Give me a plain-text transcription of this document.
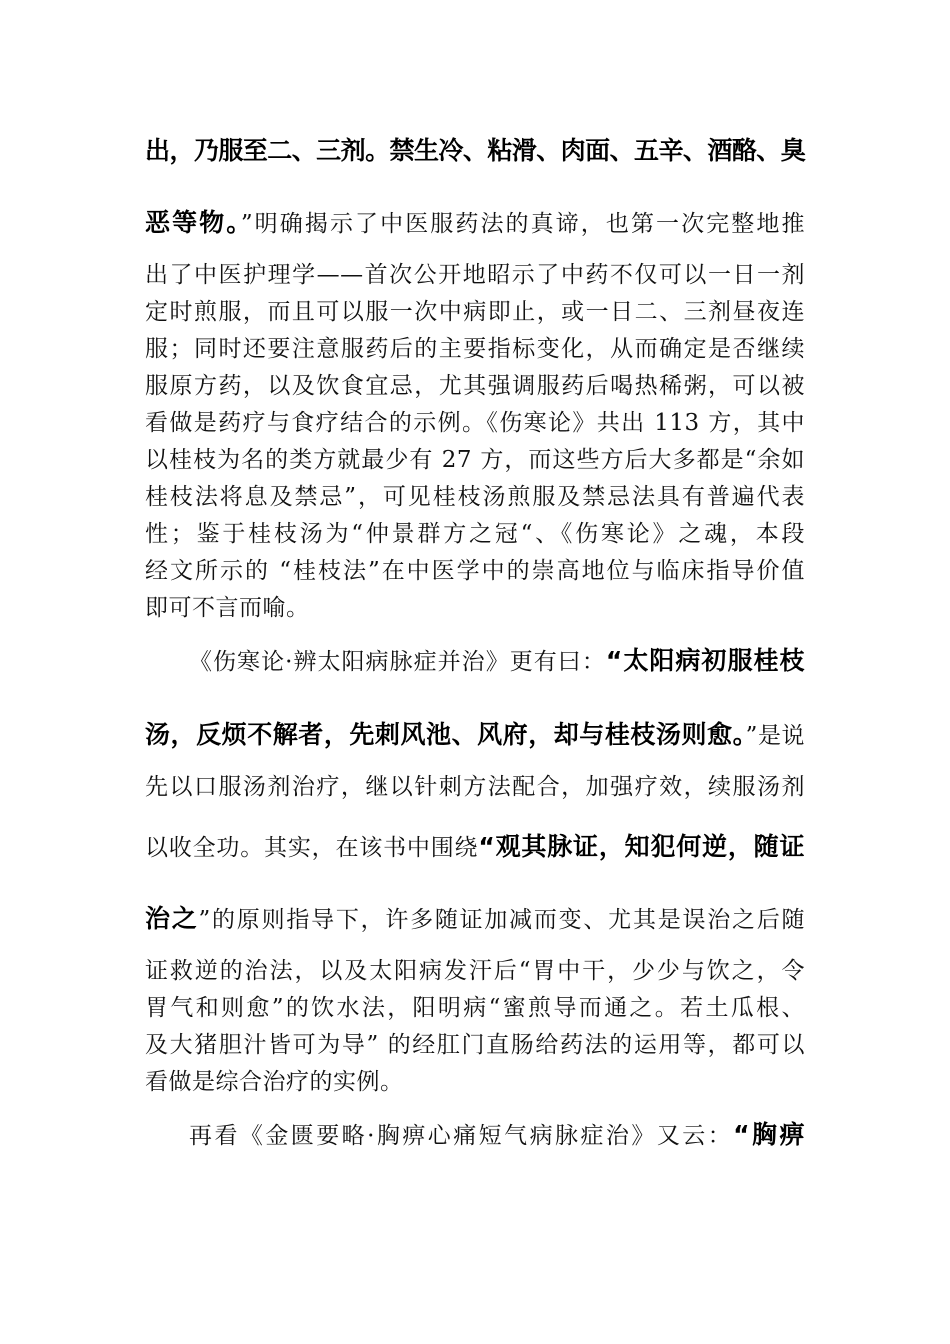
出，乃服至二、三剂。禁生冷、粘滑、肉面、五辛、酒酪、臭
恶等物。”明确揭示了中医服药法的真谛，也第一次完整地推
出了中医护理学——首次公开地昭示了中药不仅可以一日一剂
定时煎服，而且可以服一次中病即止，或一日二、三剂昼夜连
服；同时还要注意服药后的主要指标变化，从而确定是否继续
服原方药，以及饮食宜忌，尤其强调服药后喝热稀粥，可以被
看做是药疗与食疗结合的示例。《伤寒论》共出 113 方，其中
以桂枝为名的类方就最少有 27 方，而这些方后大多都是“余如
桂枝法将息及禁忌”，可见桂枝汤煎服及禁忌法具有普遍代表
性；鉴于桂枝汤为“仲景群方之冠“、《伤寒论》之魂，本段
经文所示的 “桂枝法”在中医学中的崇高地位与临床指导价值
即可不言而喻。
《伤寒论·辨太阳病脉症并治》更有曰：“太阳病初服桂枝
汤，反烦不解者，先刺风池、风府，却与桂枝汤则愈。”是说
先以口服汤剂治疗，继以针刺方法配合，加强疗效，续服汤剂
以收全功。其实，在该书中围绕“观其脉证，知犯何逆，随证
治之”的原则指导下，许多随证加减而变、尤其是误治之后随
证救逆的治法，以及太阳病发汗后“胃中干，少少与饮之，令
胃气和则愈”的饮水法，阳明病“蜜煎导而通之。若土瓜根、
及大猪胆汁皆可为导” 的经肛门直肠给药法的运用等，都可以
看做是综合治疗的实例。
再看《金匮要略·胸痹心痛短气病脉症治》又云：“胸痹
